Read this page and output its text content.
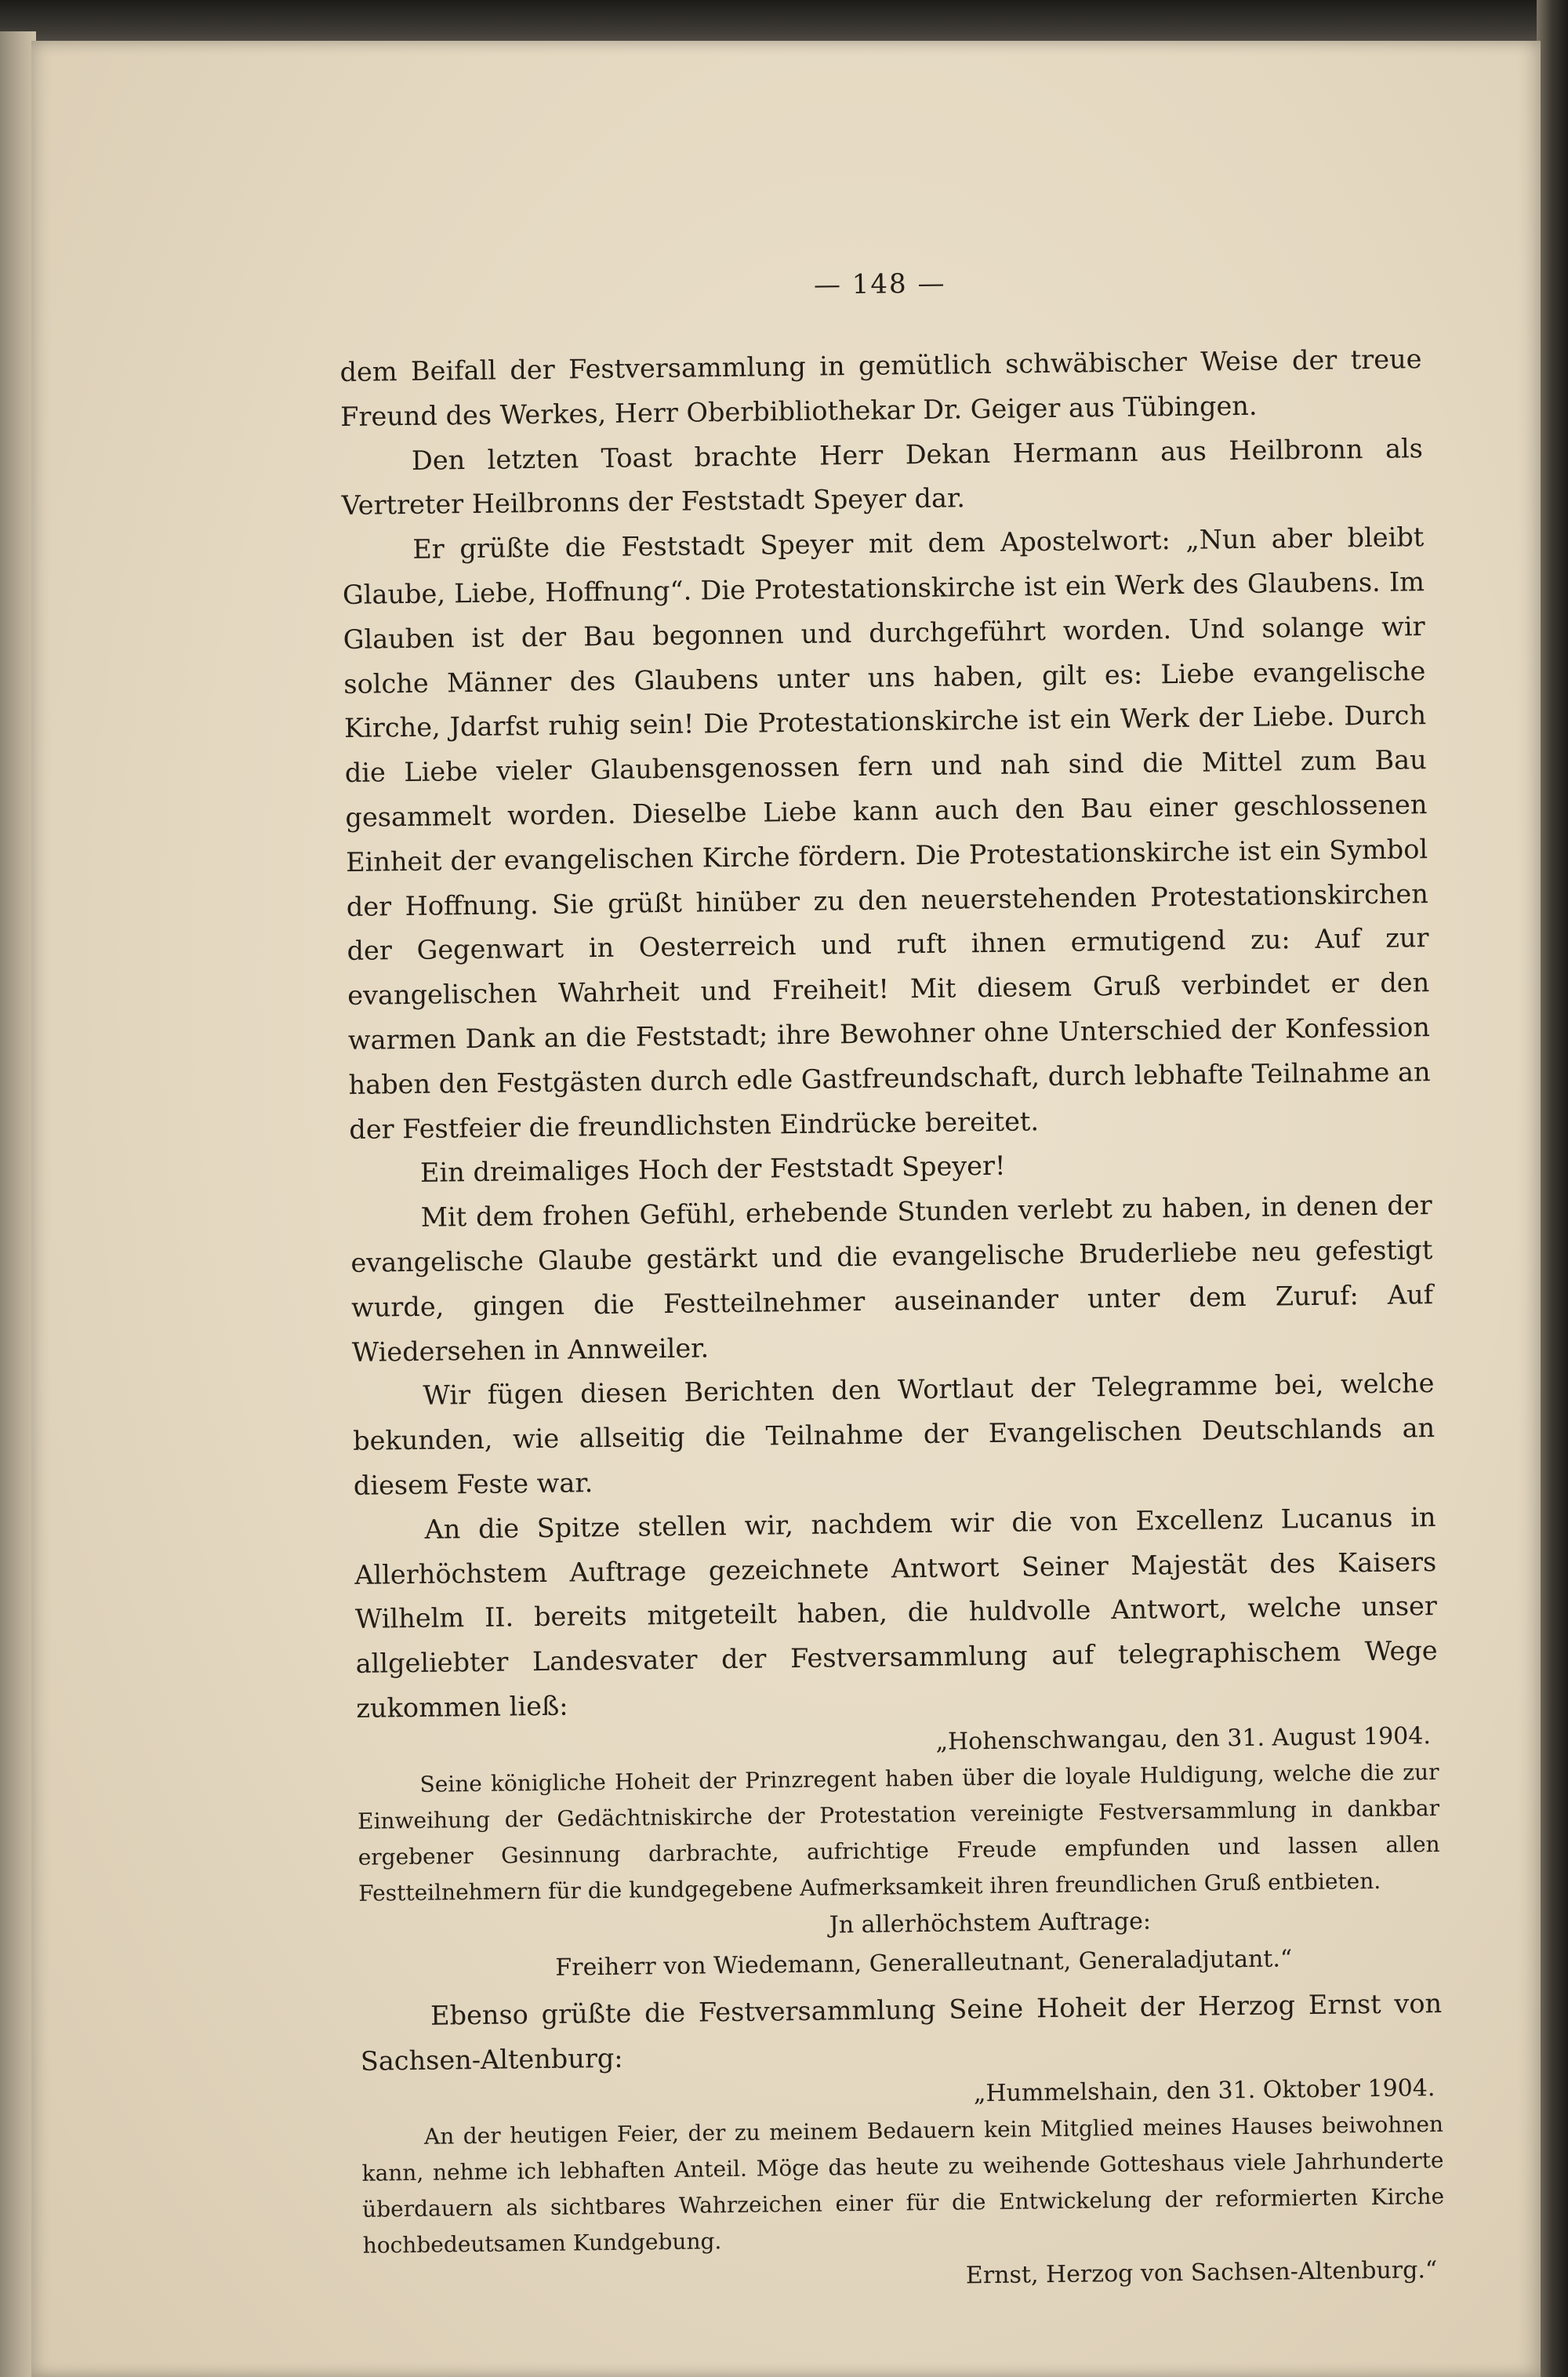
— 148 —

dem Beifall der Festversammlung in gemütlich schwäbischer Weise der treue Freund des Werkes, Herr Oberbibliothekar Dr. Geiger aus Tübingen.

Den letzten Toast brachte Herr Dekan Hermann aus Heilbronn als Vertreter Heilbronns der Feststadt Speyer dar.

Er grüßte die Feststadt Speyer mit dem Apostelwort: „Nun aber bleibt Glaube, Liebe, Hoffnung“. Die Protestationskirche ist ein Werk des Glaubens. Im Glauben ist der Bau begonnen und durchgeführt worden. Und solange wir solche Männer des Glaubens unter uns haben, gilt es: Liebe evangelische Kirche, Jdarfst ruhig sein! Die Protestationskirche ist ein Werk der Liebe. Durch die Liebe vieler Glaubensgenossen fern und nah sind die Mittel zum Bau gesammelt worden. Dieselbe Liebe kann auch den Bau einer geschlossenen Einheit der evangelischen Kirche fördern. Die Protestationskirche ist ein Symbol der Hoffnung. Sie grüßt hinüber zu den neuerstehenden Protestationskirchen der Gegenwart in Oesterreich und ruft ihnen ermutigend zu: Auf zur evangelischen Wahrheit und Freiheit! Mit diesem Gruß verbindet er den warmen Dank an die Feststadt; ihre Bewohner ohne Unterschied der Konfession haben den Festgästen durch edle Gastfreundschaft, durch lebhafte Teilnahme an der Festfeier die freundlichsten Eindrücke bereitet.

Ein dreimaliges Hoch der Feststadt Speyer!

Mit dem frohen Gefühl, erhebende Stunden verlebt zu haben, in denen der evangelische Glaube gestärkt und die evangelische Bruderliebe neu gefestigt wurde, gingen die Festteilnehmer auseinander unter dem Zuruf: Auf Wiedersehen in Annweiler.

Wir fügen diesen Berichten den Wortlaut der Telegramme bei, welche bekunden, wie allseitig die Teilnahme der Evangelischen Deutschlands an diesem Feste war.

An die Spitze stellen wir, nachdem wir die von Excellenz Lucanus in Allerhöchstem Auftrage gezeichnete Antwort Seiner Majestät des Kaisers Wilhelm II. bereits mitgeteilt haben, die huldvolle Antwort, welche unser allgeliebter Landesvater der Festversammlung auf telegraphischem Wege zukommen ließ:

„Hohenschwangau, den 31. August 1904.

Seine königliche Hoheit der Prinzregent haben über die loyale Huldigung, welche die zur Einweihung der Gedächtniskirche der Protestation vereinigte Festversammlung in dankbar ergebener Gesinnung darbrachte, aufrichtige Freude empfunden und lassen allen Festteilnehmern für die kundgegebene Aufmerksamkeit ihren freundlichen Gruß entbieten.

Jn allerhöchstem Auftrage:

Freiherr von Wiedemann, Generalleutnant, Generaladjutant.“

Ebenso grüßte die Festversammlung Seine Hoheit der Herzog Ernst von Sachsen-Altenburg:

„Hummelshain, den 31. Oktober 1904.

An der heutigen Feier, der zu meinem Bedauern kein Mitglied meines Hauses beiwohnen kann, nehme ich lebhaften Anteil. Möge das heute zu weihende Gotteshaus viele Jahrhunderte überdauern als sichtbares Wahrzeichen einer für die Entwickelung der reformierten Kirche hochbedeutsamen Kundgebung.

Ernst, Herzog von Sachsen-Altenburg.“
